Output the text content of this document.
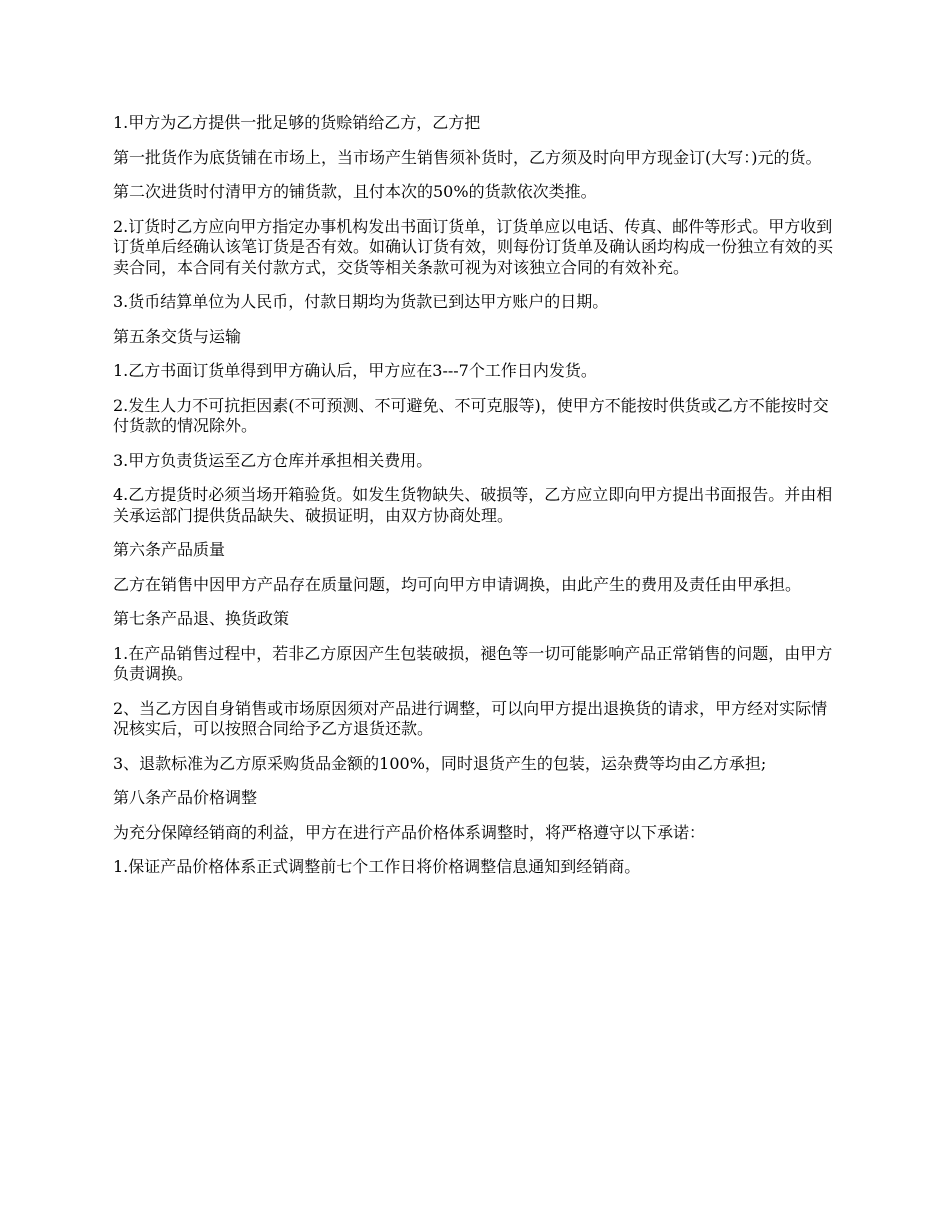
1.甲方为乙方提供一批足够的货赊销给乙方，乙方把

第一批货作为底货铺在市场上，当市场产生销售须补货时，乙方须及时向甲方现金订(大写：)元的货。

第二次进货时付清甲方的铺货款，且付本次的50%的货款依次类推。

2.订货时乙方应向甲方指定办事机构发出书面订货单，订货单应以电话、传真、邮件等形式。甲方收到订货单后经确认该笔订货是否有效。如确认订货有效，则每份订货单及确认函均构成一份独立有效的买卖合同，本合同有关付款方式，交货等相关条款可视为对该独立合同的有效补充。

3.货币结算单位为人民币，付款日期均为货款已到达甲方账户的日期。

第五条交货与运输

1.乙方书面订货单得到甲方确认后，甲方应在3---7个工作日内发货。

2.发生人力不可抗拒因素(不可预测、不可避免、不可克服等)，使甲方不能按时供货或乙方不能按时交付货款的情况除外。

3.甲方负责货运至乙方仓库并承担相关费用。

4.乙方提货时必须当场开箱验货。如发生货物缺失、破损等，乙方应立即向甲方提出书面报告。并由相关承运部门提供货品缺失、破损证明，由双方协商处理。

第六条产品质量

乙方在销售中因甲方产品存在质量问题，均可向甲方申请调换，由此产生的费用及责任由甲承担。

第七条产品退、换货政策

1.在产品销售过程中，若非乙方原因产生包装破损，褪色等一切可能影响产品正常销售的问题，由甲方负责调换。

2、当乙方因自身销售或市场原因须对产品进行调整，可以向甲方提出退换货的请求，甲方经对实际情况核实后，可以按照合同给予乙方退货还款。

3、退款标准为乙方原采购货品金额的100%，同时退货产生的包装，运杂费等均由乙方承担;

第八条产品价格调整

为充分保障经销商的利益，甲方在进行产品价格体系调整时，将严格遵守以下承诺：

1.保证产品价格体系正式调整前七个工作日将价格调整信息通知到经销商。
